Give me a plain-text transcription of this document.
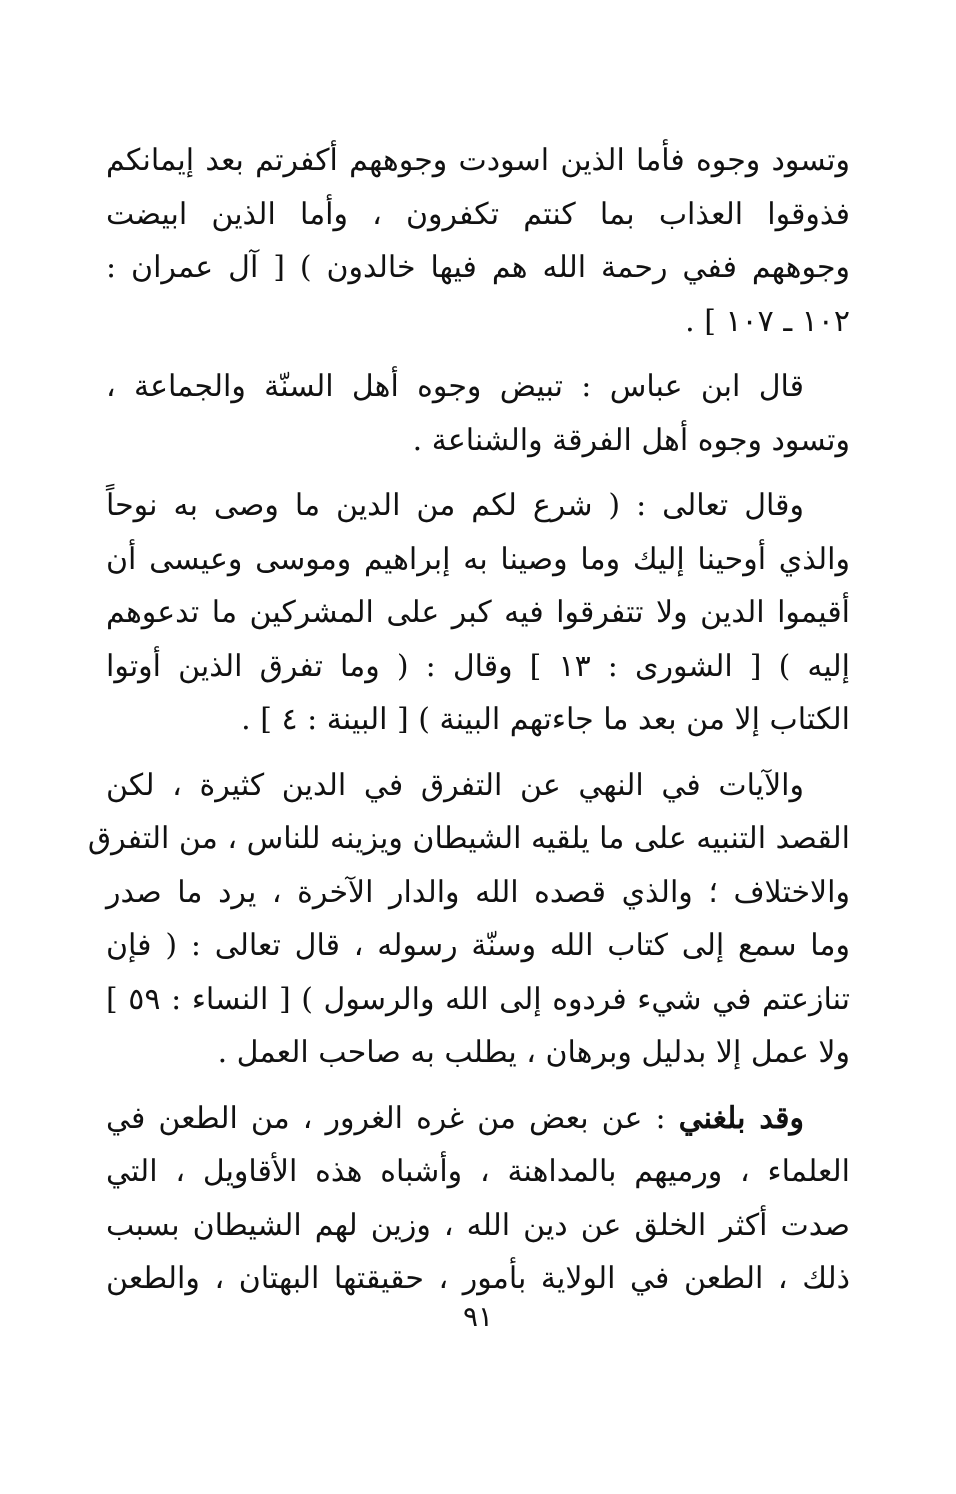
وتسود وجوه فأما الذين اسودت وجوههم أكفرتم بعد إيمانكم
فذوقوا العذاب بما كنتم تكفرون ، وأما الذين ابيضت
وجوههم ففي رحمة الله هم فيها خالدون ) [ آل عمران :
١٠٢ ـ ١٠٧ ] .
قال ابن عباس : تبيض وجوه أهل السنّة والجماعة ،
وتسود وجوه أهل الفرقة والشناعة .
وقال تعالى : ( شرع لكم من الدين ما وصى به نوحاً
والذي أوحينا إليك وما وصينا به إبراهيم وموسى وعيسى أن
أقيموا الدين ولا تتفرقوا فيه كبر على المشركين ما تدعوهم
إليه ) [ الشورى : ١٣ ] وقال : ( وما تفرق الذين أوتوا
الكتاب إلا من بعد ما جاءتهم البينة ) [ البينة : ٤ ] .
والآيات في النهي عن التفرق في الدين كثيرة ، لكن
القصد التنبيه على ما يلقيه الشيطان ويزينه للناس ، من التفرق
والاختلاف ؛ والذي قصده الله والدار الآخرة ، يرد ما صدر
وما سمع إلى كتاب الله وسنّة رسوله ، قال تعالى : ( فإن
تنازعتم في شيء فردوه إلى الله والرسول ) [ النساء : ٥٩ ]
ولا عمل إلا بدليل وبرهان ، يطلب به صاحب العمل .
وقد بلغني : عن بعض من غره الغرور ، من الطعن في
العلماء ، ورميهم بالمداهنة ، وأشباه هذه الأقاويل ، التي
صدت أكثر الخلق عن دين الله ، وزين لهم الشيطان بسبب
ذلك ، الطعن في الولاية بأمور ، حقيقتها البهتان ، والطعن
٩١
